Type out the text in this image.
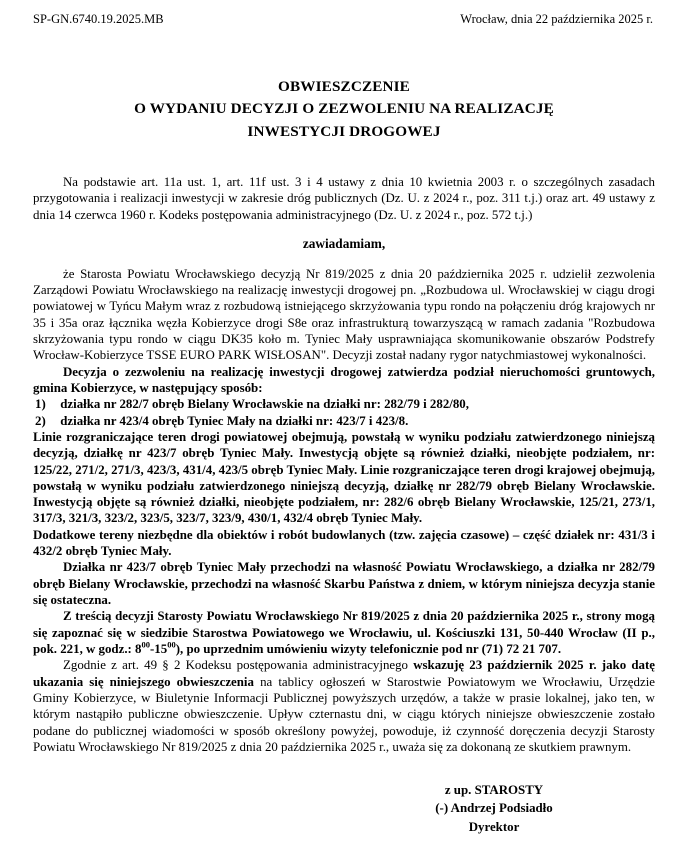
SP-GN.6740.19.2025.MB	Wrocław, dnia 22 października 2025 r.
OBWIESZCZENIE
O WYDANIU DECYZJI O ZEZWOLENIU NA REALIZACJĘ
INWESTYCJI DROGOWEJ

Na podstawie art. 11a ust. 1, art. 11f ust. 3 i 4 ustawy z dnia 10 kwietnia 2003 r. o szczególnych zasadach przygotowania i realizacji inwestycji w zakresie dróg publicznych (Dz. U. z 2024 r., poz. 311 t.j.) oraz art. 49 ustawy z dnia 14 czerwca 1960 r. Kodeks postępowania administracyjnego (Dz. U. z 2024 r., poz. 572 t.j.)

zawiadamiam,

że Starosta Powiatu Wrocławskiego decyzją Nr 819/2025 z dnia 20 października 2025 r. udzielił zezwolenia Zarządowi Powiatu Wrocławskiego na realizację inwestycji drogowej pn. „Rozbudowa ul. Wrocławskiej w ciągu drogi powiatowej w Tyńcu Małym wraz z rozbudową istniejącego skrzyżowania typu rondo na połączeniu dróg krajowych nr 35 i 35a oraz łącznika węzła Kobierzyce drogi S8e oraz infrastrukturą towarzyszącą w ramach zadania "Rozbudowa skrzyżowania typu rondo w ciągu DK35 koło m. Tyniec Mały usprawniająca skomunikowanie obszarów Podstrefy Wrocław-Kobierzyce TSSE EURO PARK WISŁOSAN". Decyzji został nadany rygor natychmiastowej wykonalności.

Decyzja o zezwoleniu na realizację inwestycji drogowej zatwierdza podział nieruchomości gruntowych, gmina Kobierzyce, w następujący sposób:

1) działka nr 282/7 obręb Bielany Wrocławskie na działki nr: 282/79 i 282/80,
2) działka nr 423/4 obręb Tyniec Mały na działki nr: 423/7 i 423/8.

Linie rozgraniczające teren drogi powiatowej obejmują, powstałą w wyniku podziału zatwierdzonego niniejszą decyzją, działkę nr 423/7 obręb Tyniec Mały. Inwestycją objęte są również działki, nieobjęte podziałem, nr: 125/22, 271/2, 271/3, 423/3, 431/4, 423/5 obręb Tyniec Mały. Linie rozgraniczające teren drogi krajowej obejmują, powstałą w wyniku podziału zatwierdzonego niniejszą decyzją, działkę nr 282/79 obręb Bielany Wrocławskie. Inwestycją objęte są również działki, nieobjęte podziałem, nr: 282/6 obręb Bielany Wrocławskie, 125/21, 273/1, 317/3, 321/3, 323/2, 323/5, 323/7, 323/9, 430/1, 432/4 obręb Tyniec Mały.

Dodatkowe tereny niezbędne dla obiektów i robót budowlanych (tzw. zajęcia czasowe) – część działek nr: 431/3 i 432/2 obręb Tyniec Mały.

Działka nr 423/7 obręb Tyniec Mały przechodzi na własność Powiatu Wrocławskiego, a działka nr 282/79 obręb Bielany Wrocławskie, przechodzi na własność Skarbu Państwa z dniem, w którym niniejsza decyzja stanie się ostateczna.

Z treścią decyzji Starosty Powiatu Wrocławskiego Nr 819/2025 z dnia 20 października 2025 r., strony mogą się zapoznać się w siedzibie Starostwa Powiatowego we Wrocławiu, ul. Kościuszki 131, 50-440 Wrocław (II p., pok. 221, w godz.: $8^{00}-15^{00}$), po uprzednim umówieniu wizyty telefonicznie pod nr (71) 72 21 707.

Zgodnie z art. 49 § 2 Kodeksu postępowania administracyjnego wskazuję 23 październik 2025 r. jako datę ukazania się niniejszego obwieszczenia na tablicy ogłoszeń w Starostwie Powiatowym we Wrocławiu, Urzędzie Gminy Kobierzyce, w Biuletynie Informacji Publicznej powyższych urzędów, a także w prasie lokalnej, jako ten, w którym nastąpiło publiczne obwieszczenie. Upływ czternastu dni, w ciągu których niniejsze obwieszczenie zostało podane do publicznej wiadomości w sposób określony powyżej, powoduje, iż czynność doręczenia decyzji Starosty Powiatu Wrocławskiego Nr 819/2025 z dnia 20 października 2025 r., uważa się za dokonaną ze skutkiem prawnym.

z up. STAROSTY
(-) Andrzej Podsiadło
Dyrektor
